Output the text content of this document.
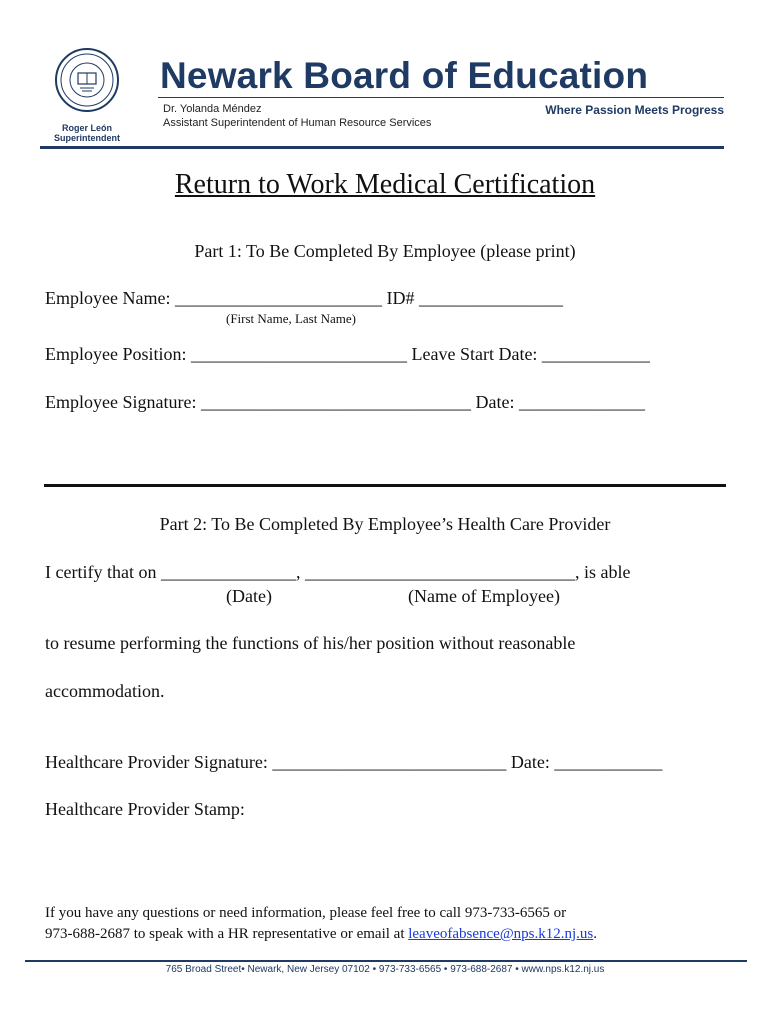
Roger León
Superintendent
Newark Board of Education
Dr. Yolanda Méndez
Assistant Superintendent of Human Resource Services
Where Passion Meets Progress
Return to Work Medical Certification
Part 1: To Be Completed By Employee (please print)
Employee Name: _______________________ ID# ________________
(First Name, Last Name)
Employee Position: ________________________ Leave Start Date: ____________
Employee Signature: ______________________________ Date: ______________
Part 2: To Be Completed By Employee’s Health Care Provider
I certify that on _______________, ______________________________, is able
(Date)	(Name of Employee)
to resume performing the functions of his/her position without reasonable
accommodation.
Healthcare Provider Signature: __________________________ Date: ____________
Healthcare Provider Stamp:
If you have any questions or need information, please feel free to call 973-733-6565 or
973-688-2687 to speak with a HR representative or email at leaveofabsence@nps.k12.nj.us.
765 Broad Street• Newark, New Jersey 07102 • 973-733-6565 • 973-688-2687 • www.nps.k12.nj.us
